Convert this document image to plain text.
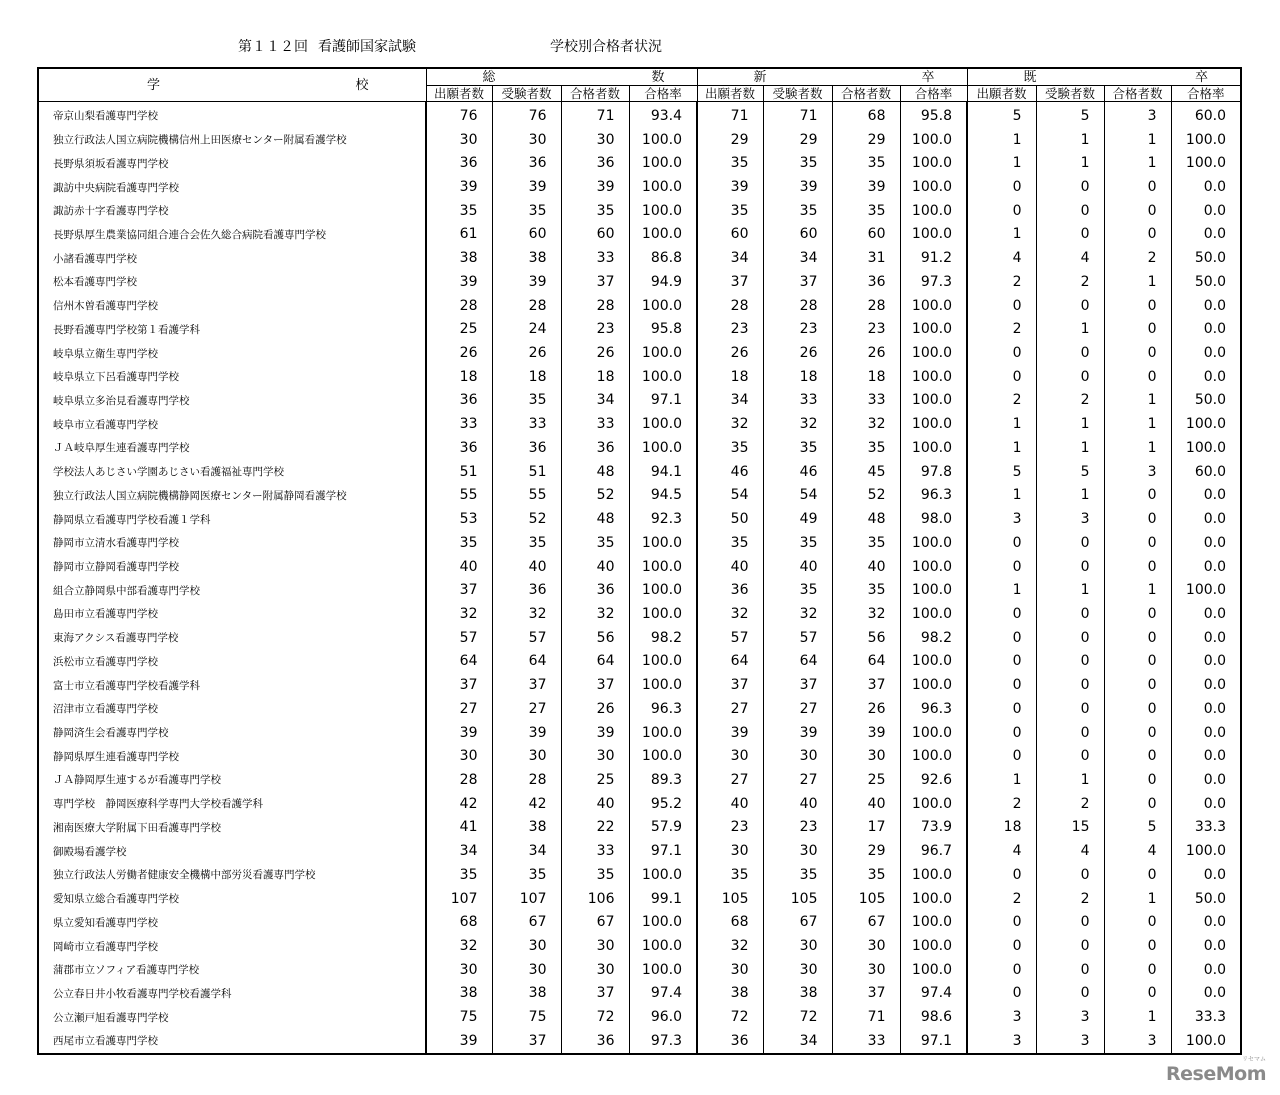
第１１２回 看護師国家試験	学校別合格者状況
学 校	総 数				新 卒				既 卒			

	出願者数	受験者数	合格者数	合格率	出願者数	受験者数	合格者数	合格率	出願者数	受験者数	合格者数	合格率
帝京山梨看護専門学校	76	76	71	93.4	71	71	68	95.8	5	5	3	60.0
独立行政法人国立病院機構信州上田医療センター附属看護学校	30	30	30	100.0	29	29	29	100.0	1	1	1	100.0
長野県須坂看護専門学校	36	36	36	100.0	35	35	35	100.0	1	1	1	100.0
諏訪中央病院看護専門学校	39	39	39	100.0	39	39	39	100.0	0	0	0	0.0
諏訪赤十字看護専門学校	35	35	35	100.0	35	35	35	100.0	0	0	0	0.0
長野県厚生農業協同組合連合会佐久総合病院看護専門学校	61	60	60	100.0	60	60	60	100.0	1	0	0	0.0
小諸看護専門学校	38	38	33	86.8	34	34	31	91.2	4	4	2	50.0
松本看護専門学校	39	39	37	94.9	37	37	36	97.3	2	2	1	50.0
信州木曽看護専門学校	28	28	28	100.0	28	28	28	100.0	0	0	0	0.0
長野看護専門学校第１看護学科	25	24	23	95.8	23	23	23	100.0	2	1	0	0.0
岐阜県立衛生専門学校	26	26	26	100.0	26	26	26	100.0	0	0	0	0.0
岐阜県立下呂看護専門学校	18	18	18	100.0	18	18	18	100.0	0	0	0	0.0
岐阜県立多治見看護専門学校	36	35	34	97.1	34	33	33	100.0	2	2	1	50.0
岐阜市立看護専門学校	33	33	33	100.0	32	32	32	100.0	1	1	1	100.0
ＪＡ岐阜厚生連看護専門学校	36	36	36	100.0	35	35	35	100.0	1	1	1	100.0
学校法人あじさい学園あじさい看護福祉専門学校	51	51	48	94.1	46	46	45	97.8	5	5	3	60.0
独立行政法人国立病院機構静岡医療センター附属静岡看護学校	55	55	52	94.5	54	54	52	96.3	1	1	0	0.0
静岡県立看護専門学校看護１学科	53	52	48	92.3	50	49	48	98.0	3	3	0	0.0
静岡市立清水看護専門学校	35	35	35	100.0	35	35	35	100.0	0	0	0	0.0
静岡市立静岡看護専門学校	40	40	40	100.0	40	40	40	100.0	0	0	0	0.0
組合立静岡県中部看護専門学校	37	36	36	100.0	36	35	35	100.0	1	1	1	100.0
島田市立看護専門学校	32	32	32	100.0	32	32	32	100.0	0	0	0	0.0
東海アクシス看護専門学校	57	57	56	98.2	57	57	56	98.2	0	0	0	0.0
浜松市立看護専門学校	64	64	64	100.0	64	64	64	100.0	0	0	0	0.0
富士市立看護専門学校看護学科	37	37	37	100.0	37	37	37	100.0	0	0	0	0.0
沼津市立看護専門学校	27	27	26	96.3	27	27	26	96.3	0	0	0	0.0
静岡済生会看護専門学校	39	39	39	100.0	39	39	39	100.0	0	0	0	0.0
静岡県厚生連看護専門学校	30	30	30	100.0	30	30	30	100.0	0	0	0	0.0
ＪＡ静岡厚生連するが看護専門学校	28	28	25	89.3	27	27	25	92.6	1	1	0	0.0
専門学校　静岡医療科学専門大学校看護学科	42	42	40	95.2	40	40	40	100.0	2	2	0	0.0
湘南医療大学附属下田看護専門学校	41	38	22	57.9	23	23	17	73.9	18	15	5	33.3
御殿場看護学校	34	34	33	97.1	30	30	29	96.7	4	4	4	100.0
独立行政法人労働者健康安全機構中部労災看護専門学校	35	35	35	100.0	35	35	35	100.0	0	0	0	0.0
愛知県立総合看護専門学校	107	107	106	99.1	105	105	105	100.0	2	2	1	50.0
県立愛知看護専門学校	68	67	67	100.0	68	67	67	100.0	0	0	0	0.0
岡崎市立看護専門学校	32	30	30	100.0	32	30	30	100.0	0	0	0	0.0
蒲郡市立ソフィア看護専門学校	30	30	30	100.0	30	30	30	100.0	0	0	0	0.0
公立春日井小牧看護専門学校看護学科	38	38	37	97.4	38	38	37	97.4	0	0	0	0.0
公立瀬戸旭看護専門学校	75	75	72	96.0	72	72	71	98.6	3	3	1	33.3
西尾市立看護専門学校	39	37	36	97.3	36	34	33	97.1	3	3	3	100.0
ReseMom
リセマム
